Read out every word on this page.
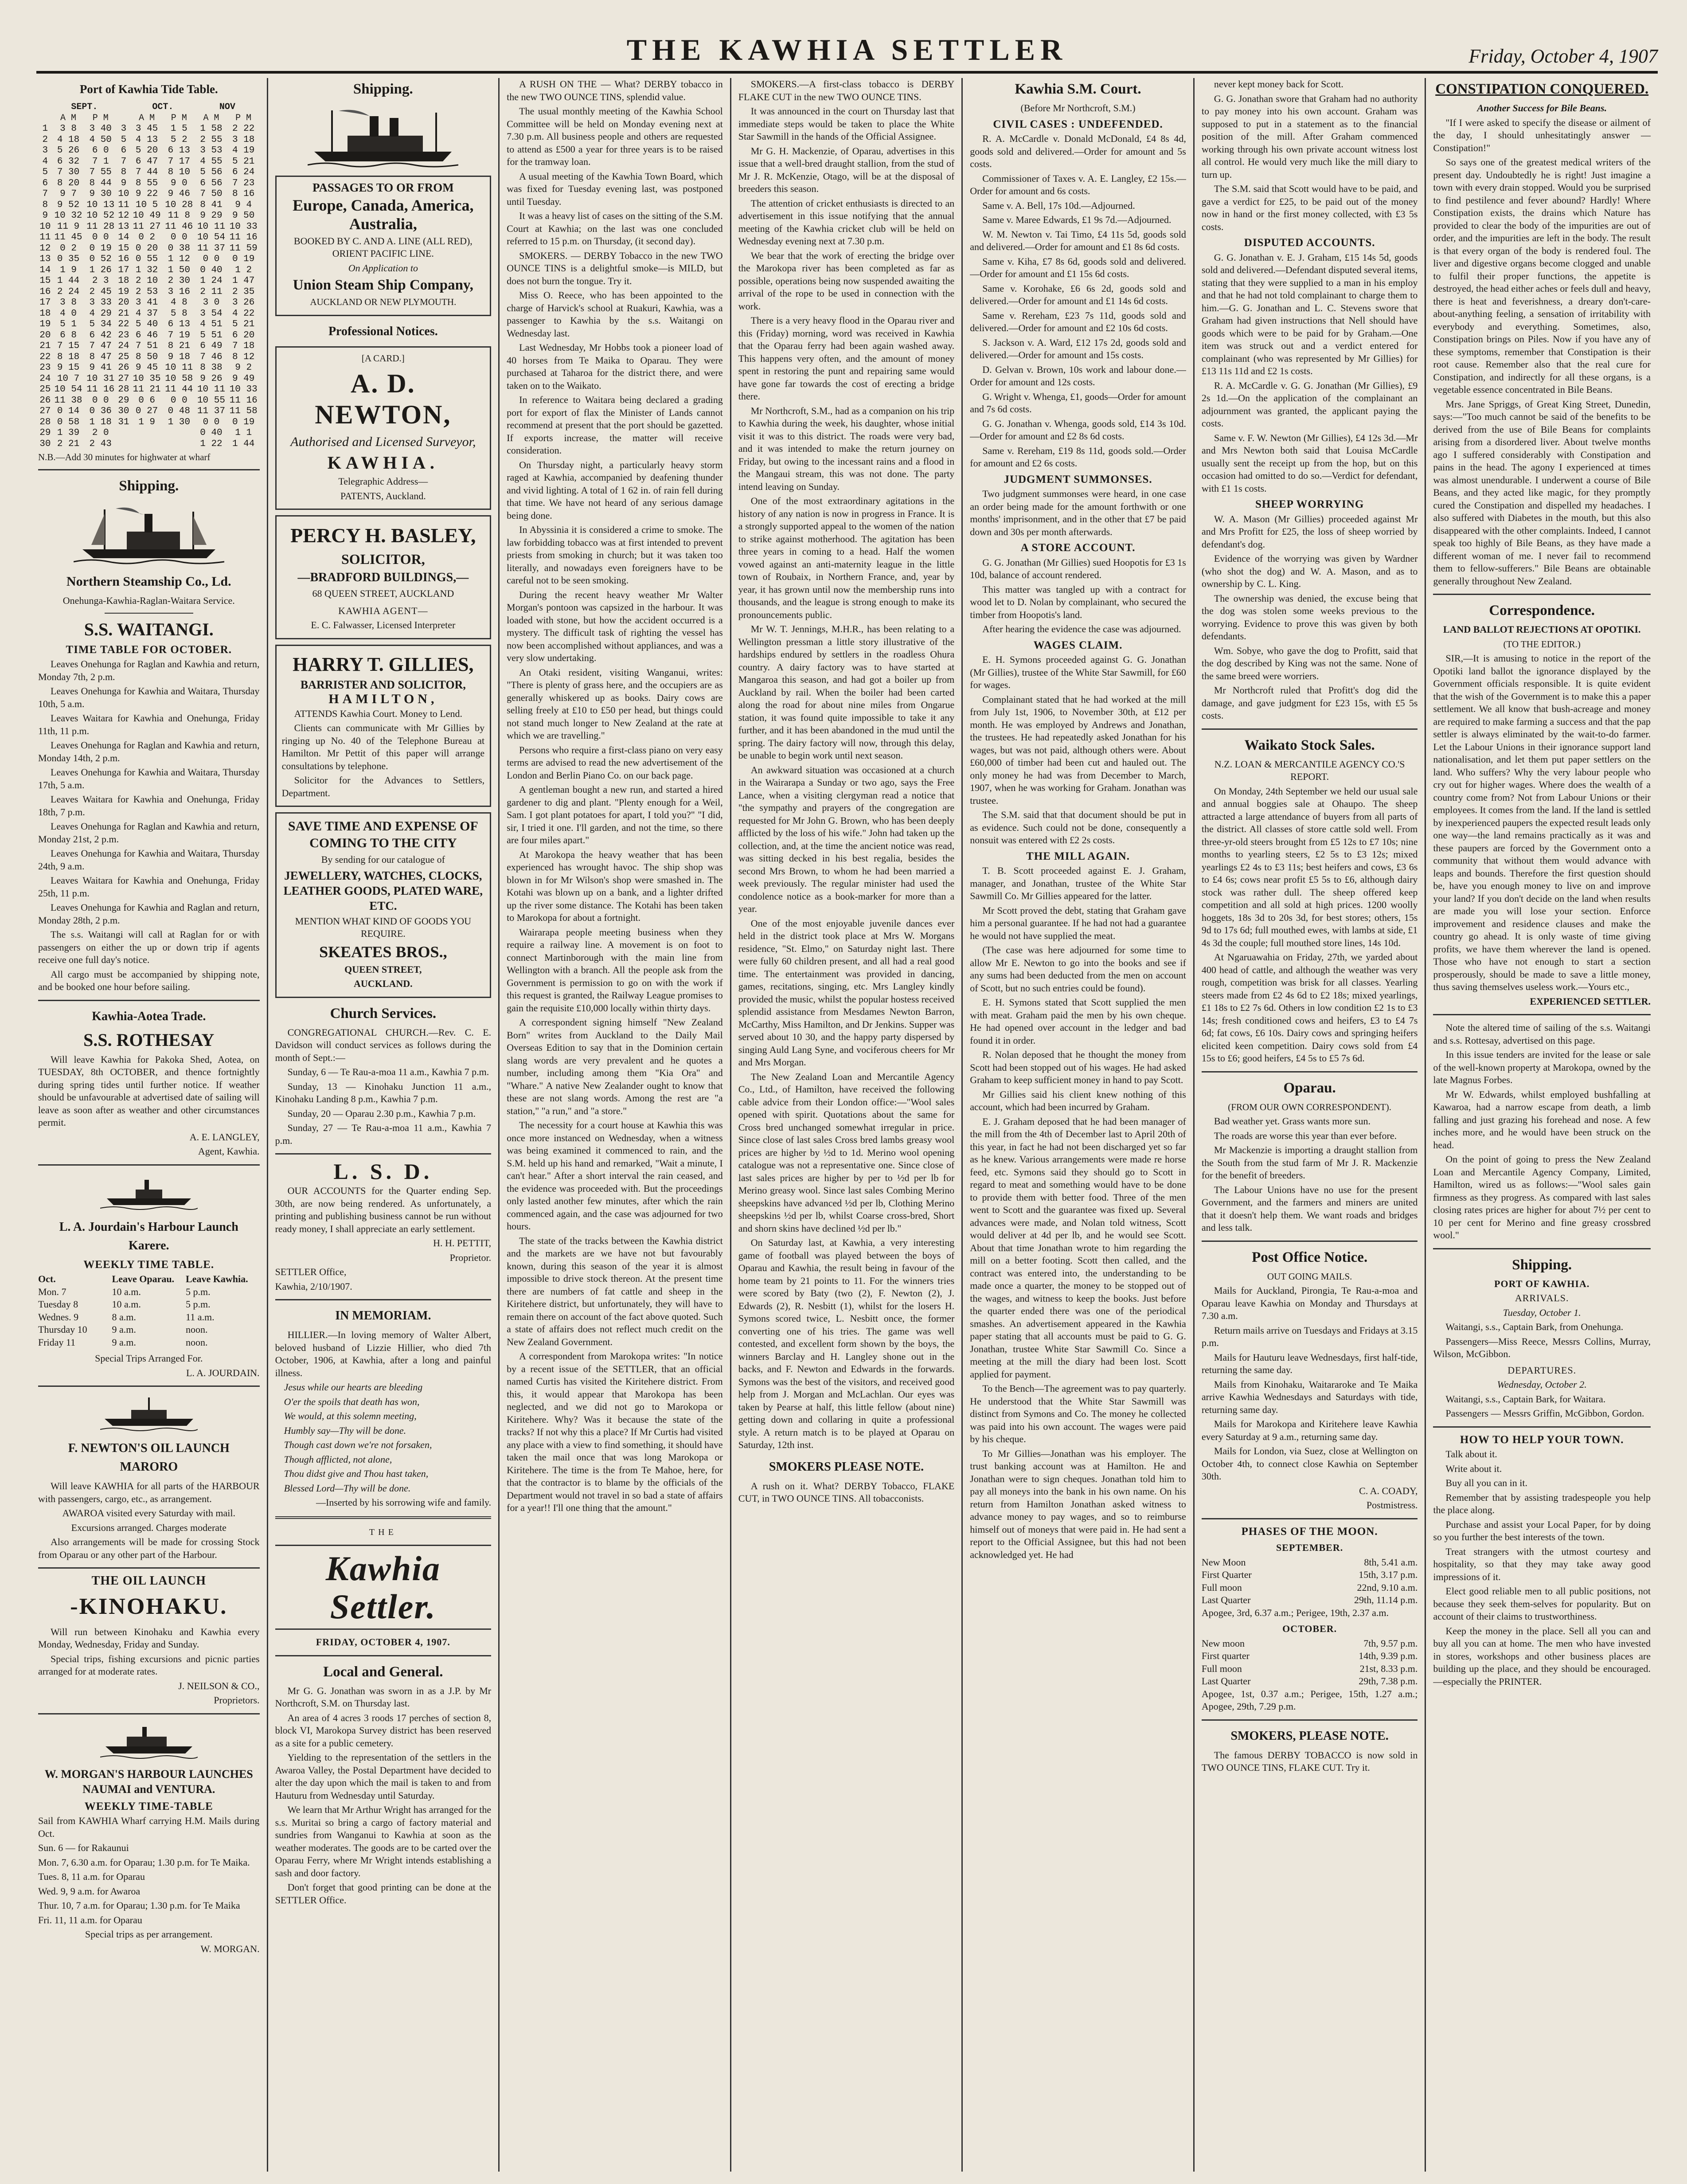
THE KAWHIA SETTLER	Friday, October 4, 1907
Port of Kawhia Tide Table.
	SEPT.			OCT.		NOV	
	A M	P M		A M	P M	A M	P M
1	3 8	3 40	3	3 45	1 5	1 58	2 22
2	4 18	4 50	5	4 13	5 2	2 55	3 18
3	5 26	6 0	6	5 20	6 13	3 53	4 19
4	6 32	7 1	7	6 47	7 17	4 55	5 21
5	7 30	7 55	8	7 44	8 10	5 56	6 24
6	8 20	8 44	9	8 55	9 0	6 56	7 23
7	9 7	9 30	10	9 22	9 46	7 50	8 16
8	9 52	10 13	11	10 5	10 28	8 41	9 4
9	10 32	10 52	12	10 49	11 8	9 29	9 50
10	11 9	11 28	13	11 27	11 46	10 11	10 33
11	11 45	0 0	14	0 2	0 0	10 54	11 16
12	0 2	0 19	15	0 20	0 38	11 37	11 59
13	0 35	0 52	16	0 55	1 12	0 0	0 19
14	1 9	1 26	17	1 32	1 50	0 40	1 2
15	1 44	2 3	18	2 10	2 30	1 24	1 47
16	2 24	2 45	19	2 53	3 16	2 11	2 35
17	3 8	3 33	20	3 41	4 8	3 0	3 26
18	4 0	4 29	21	4 37	5 8	3 54	4 22
19	5 1	5 34	22	5 40	6 13	4 51	5 21
20	6 8	6 42	23	6 46	7 19	5 51	6 20
21	7 15	7 47	24	7 51	8 21	6 49	7 18
22	8 18	8 47	25	8 50	9 18	7 46	8 12
23	9 15	9 41	26	9 45	10 11	8 38	9 2
24	10 7	10 31	27	10 35	10 58	9 26	9 49
25	10 54	11 16	28	11 21	11 44	10 11	10 33
26	11 38	0 0	29	0 6	0 0	10 55	11 16
27	0 14	0 36	30	0 27	0 48	11 37	11 58
28	0 58	1 18	31	1 9	1 30	0 0	0 19
29	1 39	2 0				0 40	1 1
30	2 21	2 43				1 22	1 44

N.B.—Add 30 minutes for highwater at wharf

Shipping.
Northern Steamship Co., Ld.

Onehunga-Kawhia-Raglan-Waitara Service.

S.S. WAITANGI.
TIME TABLE FOR OCTOBER.

Leaves Onehunga for Raglan and Kawhia and return, Monday 7th, 2 p.m.

Leaves Onehunga for Kawhia and Waitara, Thursday 10th, 5 a.m.

Leaves Waitara for Kawhia and Onehunga, Friday 11th, 11 p.m.

Leaves Onehunga for Raglan and Kawhia and return, Monday 14th, 2 p.m.

Leaves Onehunga for Kawhia and Waitara, Thursday 17th, 5 a.m.

Leaves Waitara for Kawhia and Onehunga, Friday 18th, 7 p.m.

Leaves Onehunga for Raglan and Kawhia and return, Monday 21st, 2 p.m.

Leaves Onehunga for Kawhia and Waitara, Thursday 24th, 9 a.m.

Leaves Waitara for Kawhia and Onehunga, Friday 25th, 11 p.m.

Leaves Onehunga for Kawhia and Raglan and return, Monday 28th, 2 p.m.

The s.s. Waitangi will call at Raglan for or with passengers on either the up or down trip if agents receive one full day's notice.

All cargo must be accompanied by shipping note, and be booked one hour before sailing.

Kawhia-Aotea Trade.
S.S. ROTHESAY

Will leave Kawhia for Pakoka Shed, Aotea, on TUESDAY, 8th OCTOBER, and thence fortnightly during spring tides until further notice. If weather should be unfavourable at advertised date of sailing will leave as soon after as weather and other circumstances permit.

A. E. LANGLEY,

Agent, Kawhia.

L. A. Jourdain's Harbour Launch Karere.
WEEKLY TIME TABLE.
Oct.	Leave Oparau.	Leave Kawhia.
Mon. 7	10 a.m.	5 p.m.
Tuesday 8	10 a.m.	5 p.m.
Wednes. 9	8 a.m.	11 a.m.
Thursday 10	9 a.m.	noon.
Friday 11	9 a.m.	noon.

Special Trips Arranged For.

L. A. JOURDAIN.

F. NEWTON'S OIL LAUNCH MARORO

Will leave KAWHIA for all parts of the HARBOUR with passengers, cargo, etc., as arrangement.

AWAROA visited every Saturday with mail.

Excursions arranged. Charges moderate

Also arrangements will be made for crossing Stock from Oparau or any other part of the Harbour.

THE OIL LAUNCH
-KINOHAKU.

Will run between Kinohaku and Kawhia every Monday, Wednesday, Friday and Sunday.

Special trips, fishing excursions and picnic parties arranged for at moderate rates.

J. NEILSON & CO.,

Proprietors.

W. MORGAN'S HARBOUR LAUNCHES NAUMAI and VENTURA.
WEEKLY TIME-TABLE

Sail from KAWHIA Wharf carrying H.M. Mails during Oct.

Sun. 6 — for Rakaunui

Mon. 7, 6.30 a.m. for Oparau; 1.30 p.m. for Te Maika.

Tues. 8, 11 a.m. for Oparau

Wed. 9, 9 a.m. for Awaroa

Thur. 10, 7 a.m. for Oparau; 1.30 p.m. for Te Maika

Fri. 11, 11 a.m. for Oparau

Special trips as per arrangement.

W. MORGAN.

Shipping.

PASSAGES TO OR FROM

Europe, Canada, America, Australia,

BOOKED BY C. AND A. LINE (ALL RED), ORIENT PACIFIC LINE.

On Application to

Union Steam Ship Company,

AUCKLAND OR NEW PLYMOUTH.

Professional Notices.

[A CARD.]

A. D. NEWTON,

Authorised and Licensed Surveyor,

KAWHIA.

Telegraphic Address—

PATENTS, Auckland.

PERCY H. BASLEY,

SOLICITOR,

—BRADFORD BUILDINGS,—

68 QUEEN STREET, AUCKLAND

KAWHIA AGENT—

E. C. Falwasser, Licensed Interpreter

HARRY T. GILLIES,

BARRISTER AND SOLICITOR,

HAMILTON,

ATTENDS Kawhia Court. Money to Lend.

Clients can communicate with Mr Gillies by ringing up No. 40 of the Telephone Bureau at Hamilton. Mr Pettit of this paper will arrange consultations by telephone.

Solicitor for the Advances to Settlers, Department.

SAVE TIME AND EXPENSE OF COMING TO THE CITY

By sending for our catalogue of

JEWELLERY, WATCHES, CLOCKS, LEATHER GOODS, PLATED WARE, ETC.

MENTION WHAT KIND OF GOODS YOU REQUIRE.

SKEATES BROS.,

QUEEN STREET,

AUCKLAND.

Church Services.

CONGREGATIONAL CHURCH.—Rev. C. E. Davidson will conduct services as follows during the month of Sept.:—

Sunday, 6 — Te Rau-a-moa 11 a.m., Kawhia 7 p.m.

Sunday, 13 — Kinohaku Junction 11 a.m., Kinohaku Landing 8 p.m., Kawhia 7 p.m.

Sunday, 20 — Oparau 2.30 p.m., Kawhia 7 p.m.

Sunday, 27 — Te Rau-a-moa 11 a.m., Kawhia 7 p.m.

L. S. D.

OUR ACCOUNTS for the Quarter ending Sep. 30th, are now being rendered. As unfortunately, a printing and publishing business cannot be run without ready money, I shall appreciate an early settlement.

H. H. PETTIT,

Proprietor.

SETTLER Office,

Kawhia, 2/10/1907.

IN MEMORIAM.

HILLIER.—In loving memory of Walter Albert, beloved husband of Lizzie Hillier, who died 7th October, 1906, at Kawhia, after a long and painful illness.

Jesus while our hearts are bleeding

O'er the spoils that death has won,

We would, at this solemn meeting,

Humbly say—Thy will be done.

Though cast down we're not forsaken,

Though afflicted, not alone,

Thou didst give and Thou hast taken,

Blessed Lord—Thy will be done.

—Inserted by his sorrowing wife and family.

THE

Kawhia Settler.

FRIDAY, OCTOBER 4, 1907.

Local and General.

Mr G. G. Jonathan was sworn in as a J.P. by Mr Northcroft, S.M. on Thursday last.

An area of 4 acres 3 roods 17 perches of section 8, block VI, Marokopa Survey district has been reserved as a site for a public cemetery.

Yielding to the representation of the settlers in the Awaroa Valley, the Postal Department have decided to alter the day upon which the mail is taken to and from Hauturu from Wednesday until Saturday.

We learn that Mr Arthur Wright has arranged for the s.s. Muritai so bring a cargo of factory material and sundries from Wanganui to Kawhia at soon as the weather moderates. The goods are to be carted over the Oparau Ferry, where Mr Wright intends establishing a sash and door factory.

Don't forget that good printing can be done at the SETTLER Office.

A RUSH ON THE — What? DERBY tobacco in the new TWO OUNCE TINS, splendid value.

The usual monthly meeting of the Kawhia School Committee will be held on Monday evening next at 7.30 p.m. All business people and others are requested to attend as £500 a year for three years is to be raised for the tramway loan.

A usual meeting of the Kawhia Town Board, which was fixed for Tuesday evening last, was postponed until Tuesday.

It was a heavy list of cases on the sitting of the S.M. Court at Kawhia; on the last was one concluded referred to 15 p.m. on Thursday, (it second day).

SMOKERS. — DERBY Tobacco in the new TWO OUNCE TINS is a delightful smoke—is MILD, but does not burn the tongue. Try it.

Miss O. Reece, who has been appointed to the charge of Harvick's school at Ruakuri, Kawhia, was a passenger to Kawhia by the s.s. Waitangi on Wednesday last.

Last Wednesday, Mr Hobbs took a pioneer load of 40 horses from Te Maika to Oparau. They were purchased at Taharoa for the district there, and were taken on to the Waikato.

In reference to Waitara being declared a grading port for export of flax the Minister of Lands cannot recommend at present that the port should be gazetted. If exports increase, the matter will receive consideration.

On Thursday night, a particularly heavy storm raged at Kawhia, accompanied by deafening thunder and vivid lighting. A total of 1 62 in. of rain fell during that time. We have not heard of any serious damage being done.

In Abyssinia it is considered a crime to smoke. The law forbidding tobacco was at first intended to prevent priests from smoking in church; but it was taken too literally, and nowadays even foreigners have to be careful not to be seen smoking.

During the recent heavy weather Mr Walter Morgan's pontoon was capsized in the harbour. It was loaded with stone, but how the accident occurred is a mystery. The difficult task of righting the vessel has now been accomplished without appliances, and was a very slow undertaking.

An Otaki resident, visiting Wanganui, writes: "There is plenty of grass here, and the occupiers are as generally whiskered up as books. Dairy cows are selling freely at £10 to £50 per head, but things could not stand much longer to New Zealand at the rate at which we are travelling."

Persons who require a first-class piano on very easy terms are advised to read the new advertisement of the London and Berlin Piano Co. on our back page.

A gentleman bought a new run, and started a hired gardener to dig and plant. "Plenty enough for a Weil, Sam. I got plant potatoes for apart, I told you?" "I did, sir, I tried it one. I'll garden, and not the time, so there are four miles apart."

At Marokopa the heavy weather that has been experienced has wrought havoc. The ship shop was blown in for Mr Wilson's shop were smashed in. The Kotahi was blown up on a bank, and a lighter drifted up the river some distance. The Kotahi has been taken to Marokopa for about a fortnight.

Wairarapa people meeting business when they require a railway line. A movement is on foot to connect Martinborough with the main line from Wellington with a branch. All the people ask from the Government is permission to go on with the work if this request is granted, the Railway League promises to gain the requisite £10,000 locally within thirty days.

A correspondent signing himself "New Zealand Born" writes from Auckland to the Daily Mail Overseas Edition to say that in the Dominion certain slang words are very prevalent and he quotes a number, including among them "Kia Ora" and "Whare." A native New Zealander ought to know that these are not slang words. Among the rest are "a station," "a run," and "a store."

The necessity for a court house at Kawhia this was once more instanced on Wednesday, when a witness was being examined it commenced to rain, and the S.M. held up his hand and remarked, "Wait a minute, I can't hear." After a short interval the rain ceased, and the evidence was proceeded with. But the proceedings only lasted another few minutes, after which the rain commenced again, and the case was adjourned for two hours.

The state of the tracks between the Kawhia district and the markets are we have not but favourably known, during this season of the year it is almost impossible to drive stock thereon. At the present time there are numbers of fat cattle and sheep in the Kiritehere district, but unfortunately, they will have to remain there on account of the fact above quoted. Such a state of affairs does not reflect much credit on the New Zealand Government.

A correspondent from Marokopa writes: "In notice by a recent issue of the SETTLER, that an official named Curtis has visited the Kiritehere district. From this, it would appear that Marokopa has been neglected, and we did not go to Marokopa or Kiritehere. Why? Was it because the state of the tracks? If not why this a place? If Mr Curtis had visited any place with a view to find something, it should have taken the mail once that was long Marokopa or Kiritehere. The time is the from Te Mahoe, here, for that the contractor is to blame by the officials of the Department would not travel in so bad a state of affairs for a year!! I'll one thing that the amount."

SMOKERS.—A first-class tobacco is DERBY FLAKE CUT in the new TWO OUNCE TINS.

It was announced in the court on Thursday last that immediate steps would be taken to place the White Star Sawmill in the hands of the Official Assignee.

Mr G. H. Mackenzie, of Oparau, advertises in this issue that a well-bred draught stallion, from the stud of Mr J. R. McKenzie, Otago, will be at the disposal of breeders this season.

The attention of cricket enthusiasts is directed to an advertisement in this issue notifying that the annual meeting of the Kawhia cricket club will be held on Wednesday evening next at 7.30 p.m.

We bear that the work of erecting the bridge over the Marokopa river has been completed as far as possible, operations being now suspended awaiting the arrival of the rope to be used in connection with the work.

There is a very heavy flood in the Oparau river and this (Friday) morning, word was received in Kawhia that the Oparau ferry had been again washed away. This happens very often, and the amount of money spent in restoring the punt and repairing same would have gone far towards the cost of erecting a bridge there.

Mr Northcroft, S.M., had as a companion on his trip to Kawhia during the week, his daughter, whose initial visit it was to this district. The roads were very bad, and it was intended to make the return journey on Friday, but owing to the incessant rains and a flood in the Mangaui stream, this was not done. The party intend leaving on Sunday.

One of the most extraordinary agitations in the history of any nation is now in progress in France. It is a strongly supported appeal to the women of the nation to strike against motherhood. The agitation has been three years in coming to a head. Half the women vowed against an anti-maternity league in the little town of Roubaix, in Northern France, and, year by year, it has grown until now the membership runs into thousands, and the league is strong enough to make its pronouncements public.

Mr W. T. Jennings, M.H.R., has been relating to a Wellington pressman a little story illustrative of the hardships endured by settlers in the roadless Ohura country. A dairy factory was to have started at Mangaroa this season, and had got a boiler up from Auckland by rail. When the boiler had been carted along the road for about nine miles from Ongarue station, it was found quite impossible to take it any further, and it has been abandoned in the mud until the spring. The dairy factory will now, through this delay, be unable to begin work until next season.

An awkward situation was occasioned at a church in the Wairarapa a Sunday or two ago, says the Free Lance, when a visiting clergyman read a notice that "the sympathy and prayers of the congregation are requested for Mr John G. Brown, who has been deeply afflicted by the loss of his wife." John had taken up the collection, and, at the time the ancient notice was read, was sitting decked in his best regalia, besides the second Mrs Brown, to whom he had been married a week previously. The regular minister had used the condolence notice as a book-marker for more than a year.

One of the most enjoyable juvenile dances ever held in the district took place at Mrs W. Morgans residence, "St. Elmo," on Saturday night last. There were fully 60 children present, and all had a real good time. The entertainment was provided in dancing, games, recitations, singing, etc. Mrs Langley kindly provided the music, whilst the popular hostess received splendid assistance from Mesdames Newton Barron, McCarthy, Miss Hamilton, and Dr Jenkins. Supper was served about 10 30, and the happy party dispersed by singing Auld Lang Syne, and vociferous cheers for Mr and Mrs Morgan.

The New Zealand Loan and Mercantile Agency Co., Ltd., of Hamilton, have received the following cable advice from their London office:—"Wool sales opened with spirit. Quotations about the same for Cross bred unchanged somewhat irregular in price. Since close of last sales Cross bred lambs greasy wool prices are higher by ½d to 1d. Merino wool opening catalogue was not a representative one. Since close of last sales prices are higher by per to ½d per lb for Merino greasy wool. Since last sales Combing Merino sheepskins have advanced ½d per lb, Clothing Merino sheepskins ½d per lb, whilst Coarse cross-bred, Short and shorn skins have declined ½d per lb."

On Saturday last, at Kawhia, a very interesting game of football was played between the boys of Oparau and Kawhia, the result being in favour of the home team by 21 points to 11. For the winners tries were scored by Baty (two (2), F. Newton (2), J. Edwards (2), R. Nesbitt (1), whilst for the losers H. Symons scored twice, L. Nesbitt once, the former converting one of his tries. The game was well contested, and excellent form shown by the boys, the winners Barclay and H. Langley shone out in the backs, and F. Newton and Edwards in the forwards. Symons was the best of the visitors, and received good help from J. Morgan and McLachlan. Our eyes was taken by Pearse at half, this little fellow (about nine) getting down and collaring in quite a professional style. A return match is to be played at Oparau on Saturday, 12th inst.

SMOKERS PLEASE NOTE.

A rush on it. What? DERBY Tobacco, FLAKE CUT, in TWO OUNCE TINS. All tobacconists.

Kawhia S.M. Court.

(Before Mr Northcroft, S.M.)

CIVIL CASES : UNDEFENDED.

R. A. McCardle v. Donald McDonald, £4 8s 4d, goods sold and delivered.—Order for amount and 5s costs.

Commissioner of Taxes v. A. E. Langley, £2 15s.—Order for amount and 6s costs.

Same v. A. Bell, 17s 10d.—Adjourned.

Same v. Maree Edwards, £1 9s 7d.—Adjourned.

W. M. Newton v. Tai Timo, £4 11s 5d, goods sold and delivered.—Order for amount and £1 8s 6d costs.

Same v. Kiha, £7 8s 6d, goods sold and delivered.—Order for amount and £1 15s 6d costs.

Same v. Korohake, £6 6s 2d, goods sold and delivered.—Order for amount and £1 14s 6d costs.

Same v. Rereham, £23 7s 11d, goods sold and delivered.—Order for amount and £2 10s 6d costs.

S. Jackson v. A. Ward, £12 17s 2d, goods sold and delivered.—Order for amount and 15s costs.

D. Gelvan v. Brown, 10s work and labour done.—Order for amount and 12s costs.

G. Wright v. Whenga, £1, goods—Order for amount and 7s 6d costs.

G. G. Jonathan v. Whenga, goods sold, £14 3s 10d.—Order for amount and £2 8s 6d costs.

Same v. Rereham, £19 8s 11d, goods sold.—Order for amount and £2 6s costs.

JUDGMENT SUMMONSES.

Two judgment summonses were heard, in one case an order being made for the amount forthwith or one months' imprisonment, and in the other that £7 be paid down and 30s per month afterwards.

A STORE ACCOUNT.

G. G. Jonathan (Mr Gillies) sued Hoopotis for £3 1s 10d, balance of account rendered.

This matter was tangled up with a contract for wood let to D. Nolan by complainant, who secured the timber from Hoopotis's land.

After hearing the evidence the case was adjourned.

WAGES CLAIM.

E. H. Symons proceeded against G. G. Jonathan (Mr Gillies), trustee of the White Star Sawmill, for £60 for wages.

Complainant stated that he had worked at the mill from July 1st, 1906, to November 30th, at £12 per month. He was employed by Andrews and Jonathan, the trustees. He had repeatedly asked Jonathan for his wages, but was not paid, although others were. About £60,000 of timber had been cut and hauled out. The only money he had was from December to March, 1907, when he was working for Graham. Jonathan was trustee.

The S.M. said that that document should be put in as evidence. Such could not be done, consequently a nonsuit was entered with £2 2s costs.

THE MILL AGAIN.

T. B. Scott proceeded against E. J. Graham, manager, and Jonathan, trustee of the White Star Sawmill Co. Mr Gillies appeared for the latter.

Mr Scott proved the debt, stating that Graham gave him a personal guarantee. If he had not had a guarantee he would not have supplied the meat.

(The case was here adjourned for some time to allow Mr E. Newton to go into the books and see if any sums had been deducted from the men on account of Scott, but no such entries could be found).

E. H. Symons stated that Scott supplied the men with meat. Graham paid the men by his own cheque. He had opened over account in the ledger and bad found it in order.

R. Nolan deposed that he thought the money from Scott had been stopped out of his wages. He had asked Graham to keep sufficient money in hand to pay Scott.

Mr Gillies said his client knew nothing of this account, which had been incurred by Graham.

E. J. Graham deposed that he had been manager of the mill from the 4th of December last to April 20th of this year, in fact he had not been discharged yet so far as he knew. Various arrangements were made re horse feed, etc. Symons said they should go to Scott in regard to meat and something would have to be done to provide them with better food. Three of the men went to Scott and the guarantee was fixed up. Several advances were made, and Nolan told witness, Scott would deliver at 4d per lb, and he would see Scott. About that time Jonathan wrote to him regarding the mill on a better footing. Scott then called, and the contract was entered into, the understanding to be made once a quarter, the money to be stopped out of the wages, and witness to keep the books. Just before the quarter ended there was one of the periodical smashes. An advertisement appeared in the Kawhia paper stating that all accounts must be paid to G. G. Jonathan, trustee White Star Sawmill Co. Since a meeting at the mill the diary had been lost. Scott applied for payment.

To the Bench—The agreement was to pay quarterly. He understood that the White Star Sawmill was distinct from Symons and Co. The money he collected was paid into his own account. The wages were paid by his cheque.

To Mr Gillies—Jonathan was his employer. The trust banking account was at Hamilton. He and Jonathan were to sign cheques. Jonathan told him to pay all moneys into the bank in his own name. On his return from Hamilton Jonathan asked witness to advance money to pay wages, and so to reimburse himself out of moneys that were paid in. He had sent a report to the Official Assignee, but this had not been acknowledged yet. He had

never kept money back for Scott.

G. G. Jonathan swore that Graham had no authority to pay money into his own account. Graham was supposed to put in a statement as to the financial position of the mill. After Graham commenced working through his own private account witness lost all control. He would very much like the mill diary to turn up.

The S.M. said that Scott would have to be paid, and gave a verdict for £25, to be paid out of the money now in hand or the first money collected, with £3 5s costs.

DISPUTED ACCOUNTS.

G. G. Jonathan v. E. J. Graham, £15 14s 5d, goods sold and delivered.—Defendant disputed several items, stating that they were supplied to a man in his employ and that he had not told complainant to charge them to him.—G. G. Jonathan and L. C. Stevens swore that Graham had given instructions that Nell should have goods which were to be paid for by Graham.—One item was struck out and a verdict entered for complainant (who was represented by Mr Gillies) for £13 11s 11d and £2 1s costs.

R. A. McCardle v. G. G. Jonathan (Mr Gillies), £9 2s 1d.—On the application of the complainant an adjournment was granted, the applicant paying the costs.

Same v. F. W. Newton (Mr Gillies), £4 12s 3d.—Mr and Mrs Newton both said that Louisa McCardle usually sent the receipt up from the hop, but on this occasion had omitted to do so.—Verdict for defendant, with £1 1s costs.

SHEEP WORRYING

W. A. Mason (Mr Gillies) proceeded against Mr and Mrs Profitt for £25, the loss of sheep worried by defendant's dog.

Evidence of the worrying was given by Wardner (who shot the dog) and W. A. Mason, and as to ownership by C. L. King.

The ownership was denied, the excuse being that the dog was stolen some weeks previous to the worrying. Evidence to prove this was given by both defendants.

Wm. Sobye, who gave the dog to Profitt, said that the dog described by King was not the same. None of the same breed were worriers.

Mr Northcroft ruled that Profitt's dog did the damage, and gave judgment for £23 15s, with £5 5s costs.

Waikato Stock Sales.

N.Z. LOAN & MERCANTILE AGENCY CO.'S REPORT.

On Monday, 24th September we held our usual sale and annual boggies sale at Ohaupo. The sheep attracted a large attendance of buyers from all parts of the district. All classes of store cattle sold well. From three-yr-old steers brought from £5 12s to £7 10s; nine months to yearling steers, £2 5s to £3 12s; mixed yearlings £2 4s to £3 11s; best heifers and cows, £3 6s to £4 6s; cows near profit £5 5s to £6, although dairy stock was rather dull. The sheep offered keep competition and all sold at high prices. 1200 woolly hoggets, 18s 3d to 20s 3d, for best stores; others, 15s 9d to 17s 6d; full mouthed ewes, with lambs at side, £1 4s 3d the couple; full mouthed store lines, 14s 10d.

At Ngaruawahia on Friday, 27th, we yarded about 400 head of cattle, and although the weather was very rough, competition was brisk for all classes. Yearling steers made from £2 4s 6d to £2 18s; mixed yearlings, £1 18s to £2 7s 6d. Others in low condition £2 1s to £3 14s; fresh conditioned cows and heifers, £3 to £4 7s 6d; fat cows, £6 10s. Dairy cows and springing heifers elicited keen competition. Dairy cows sold from £4 15s to £6; good heifers, £4 5s to £5 7s 6d.

Oparau.

(FROM OUR OWN CORRESPONDENT).

Bad weather yet. Grass wants more sun.

The roads are worse this year than ever before.

Mr Mackenzie is importing a draught stallion from the South from the stud farm of Mr J. R. Mackenzie for the benefit of breeders.

The Labour Unions have no use for the present Government, and the farmers and miners are united that it doesn't help them. We want roads and bridges and less talk.

Post Office Notice.

OUT GOING MAILS.

Mails for Auckland, Pirongia, Te Rau-a-moa and Oparau leave Kawhia on Monday and Thursdays at 7.30 a.m.

Return mails arrive on Tuesdays and Fridays at 3.15 p.m.

Mails for Hauturu leave Wednesdays, first half-tide, returning the same day.

Mails from Kinohaku, Waitararoke and Te Maika arrive Kawhia Wednesdays and Saturdays with tide, returning same day.

Mails for Marokopa and Kiritehere leave Kawhia every Saturday at 9 a.m., returning same day.

Mails for London, via Suez, close at Wellington on October 4th, to connect close Kawhia on September 30th.

C. A. COADY,

Postmistress.

PHASES OF THE MOON.
SEPTEMBER.
New Moon	8th, 5.41 a.m.
First Quarter	15th, 3.17 p.m.
Full moon	22nd, 9.10 a.m.
Last Quarter	29th, 11.14 p.m.

Apogee, 3rd, 6.37 a.m.; Perigee, 19th, 2.37 a.m.

OCTOBER.
New moon	7th, 9.57 p.m.
First quarter	14th, 9.39 p.m.
Full moon	21st, 8.33 p.m.
Last Quarter	29th, 7.38 p.m.

Apogee, 1st, 0.37 a.m.; Perigee, 15th, 1.27 a.m.; Apogee, 29th, 7.29 p.m.

SMOKERS, PLEASE NOTE.

The famous DERBY TOBACCO is now sold in TWO OUNCE TINS, FLAKE CUT. Try it.

CONSTIPATION CONQUERED.

Another Success for Bile Beans.

"If I were asked to specify the disease or ailment of the day, I should unhesitatingly answer — Constipation!"

So says one of the greatest medical writers of the present day. Undoubtedly he is right! Just imagine a town with every drain stopped. Would you be surprised to find pestilence and fever abound? Hardly! Where Constipation exists, the drains which Nature has provided to clear the body of the impurities are out of order, and the impurities are left in the body. The result is that every organ of the body is rendered foul. The liver and digestive organs become clogged and unable to fulfil their proper functions, the appetite is destroyed, the head either aches or feels dull and heavy, there is heat and feverishness, a dreary don't-care-about-anything feeling, a sensation of irritability with everybody and everything. Sometimes, also, Constipation brings on Piles. Now if you have any of these symptoms, remember that Constipation is their root cause. Remember also that the real cure for Constipation, and indirectly for all these organs, is a vegetable essence concentrated in Bile Beans.

Mrs. Jane Spriggs, of Great King Street, Dunedin, says:—"Too much cannot be said of the benefits to be derived from the use of Bile Beans for complaints arising from a disordered liver. About twelve months ago I suffered considerably with Constipation and pains in the head. The agony I experienced at times was almost unendurable. I underwent a course of Bile Beans, and they acted like magic, for they promptly cured the Constipation and dispelled my headaches. I also suffered with Diabetes in the mouth, but this also disappeared with the other complaints. Indeed, I cannot speak too highly of Bile Beans, as they have made a different woman of me. I never fail to recommend them to fellow-sufferers." Bile Beans are obtainable generally throughout New Zealand.

Correspondence.

LAND BALLOT REJECTIONS AT OPOTIKI.

(TO THE EDITOR.)

SIR,—It is amusing to notice in the report of the Opotiki land ballot the ignorance displayed by the Government officials responsible. It is quite evident that the wish of the Government is to make this a paper settlement. We all know that bush-acreage and money are required to make farming a success and that the pap settler is always eliminated by the wait-to-do farmer. Let the Labour Unions in their ignorance support land nationalisation, and let them put paper settlers on the land. Who suffers? Why the very labour people who cry out for higher wages. Where does the wealth of a country come from? Not from Labour Unions or their employees. It comes from the land. If the land is settled by inexperienced paupers the expected result leads only one way—the land remains practically as it was and these paupers are forced by the Government onto a community that without them would advance with leaps and bounds. Therefore the first question should be, have you enough money to live on and improve your land? If you don't decide on the land when results are made you will lose your section. Enforce improvement and residence clauses and make the country go ahead. It is only waste of time giving profits, we have them wherever the land is opened. Those who have not enough to start a section prosperously, should be made to save a little money, thus saving themselves useless work.—Yours etc.,

EXPERIENCED SETTLER.

Note the altered time of sailing of the s.s. Waitangi and s.s. Rottesay, advertised on this page.

In this issue tenders are invited for the lease or sale of the well-known property at Marokopa, owned by the late Magnus Forbes.

Mr W. Edwards, whilst employed bushfalling at Kawaroa, had a narrow escape from death, a limb falling and just grazing his forehead and nose. A few inches more, and he would have been struck on the head.

On the point of going to press the New Zealand Loan and Mercantile Agency Company, Limited, Hamilton, wired us as follows:—"Wool sales gain firmness as they progress. As compared with last sales closing rates prices are higher for about 7½ per cent to 10 per cent for Merino and fine greasy crossbred wool."

Shipping.

PORT OF KAWHIA.

ARRIVALS.

Tuesday, October 1.

Waitangi, s.s., Captain Bark, from Onehunga.

Passengers—Miss Reece, Messrs Collins, Murray, Wilson, McGibbon.

DEPARTURES.

Wednesday, October 2.

Waitangi, s.s., Captain Bark, for Waitara.

Passengers — Messrs Griffin, McGibbon, Gordon.

HOW TO HELP YOUR TOWN.

Talk about it.

Write about it.

Buy all you can in it.

Remember that by assisting tradespeople you help the place along.

Purchase and assist your Local Paper, for by doing so you further the best interests of the town.

Treat strangers with the utmost courtesy and hospitality, so that they may take away good impressions of it.

Elect good reliable men to all public positions, not because they seek them-selves for popularity. But on account of their claims to trustworthiness.

Keep the money in the place. Sell all you can and buy all you can at home. The men who have invested in stores, workshops and other business places are building up the place, and they should be encouraged.—especially the PRINTER.
